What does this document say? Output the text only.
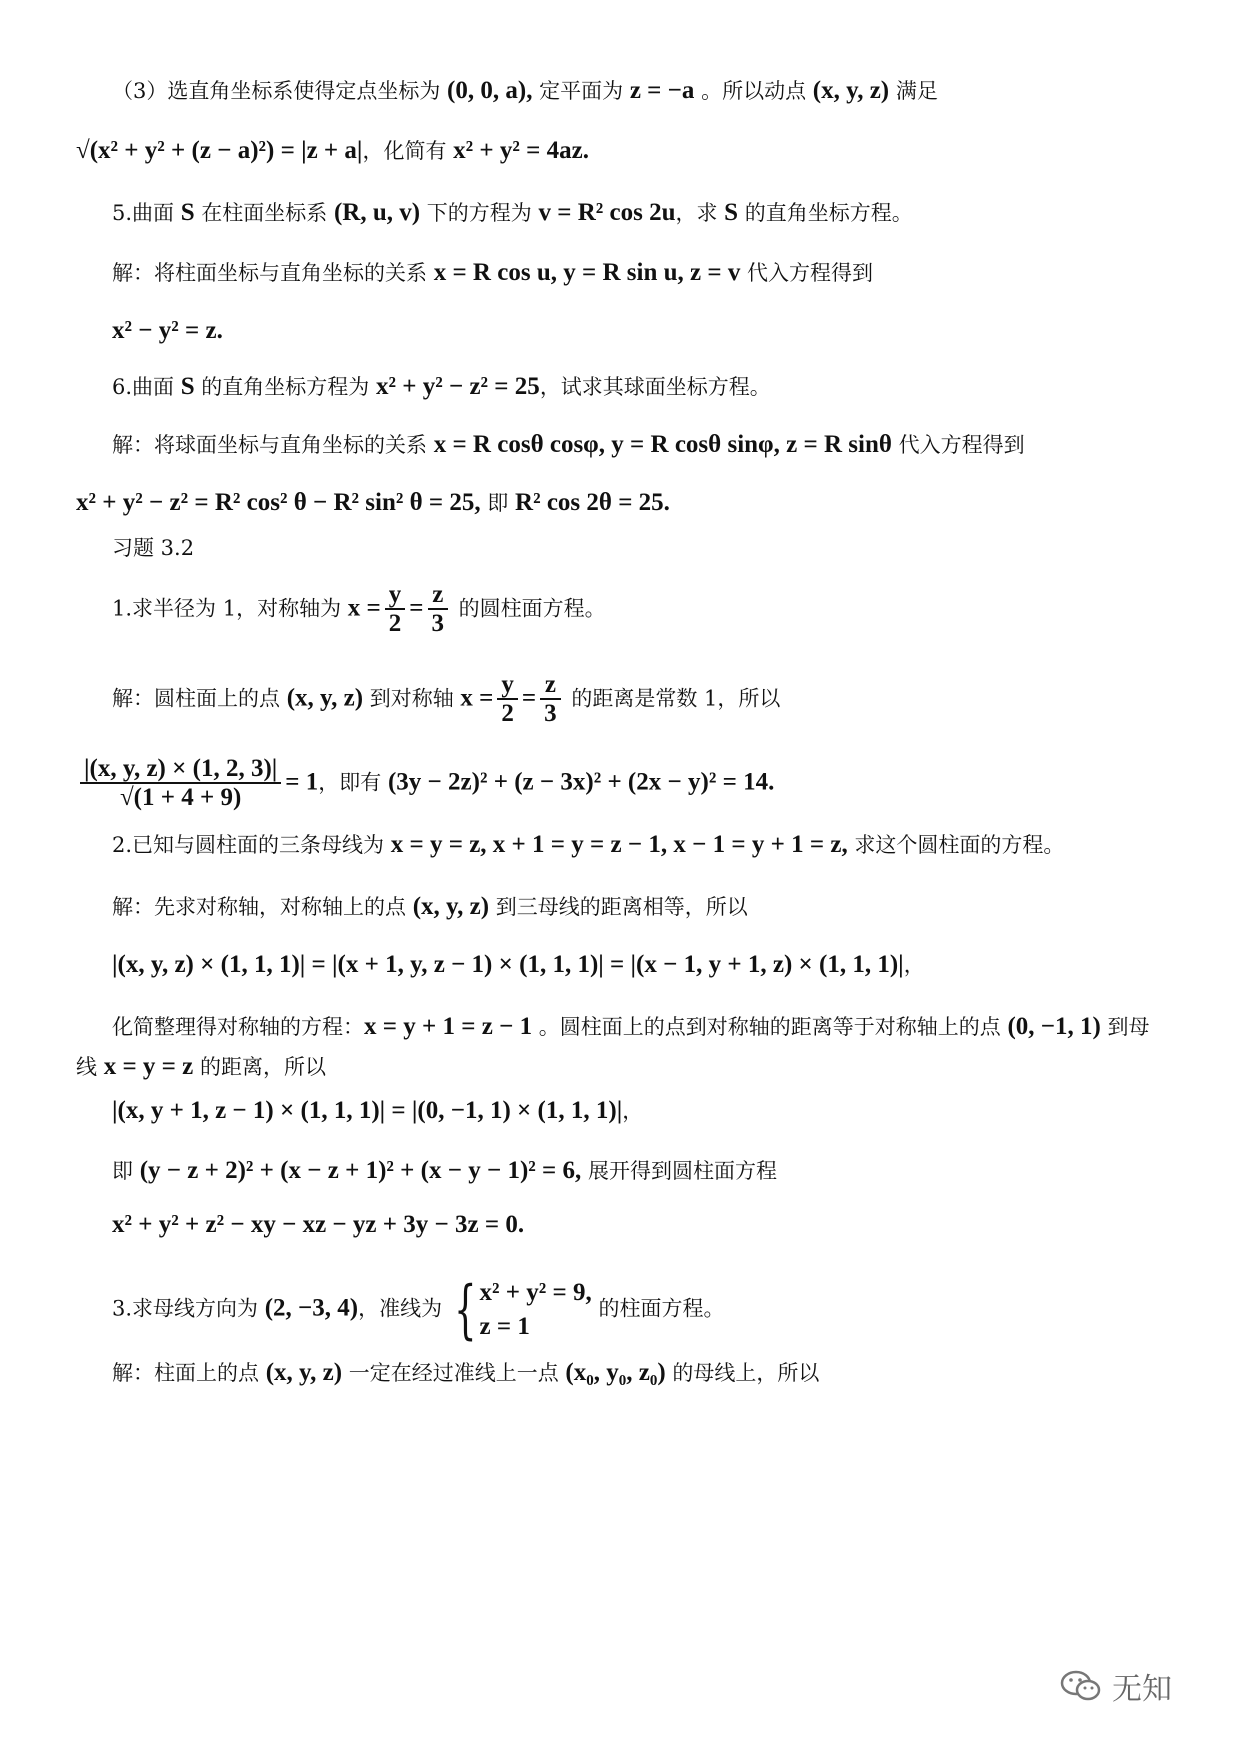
（3）选直角坐标系使得定点坐标为 (0, 0, a), 定平面为 z = −a 。所以动点 (x, y, z) 满足
√(x² + y² + (z − a)²) = |z + a|，化简有 x² + y² = 4az.
5.曲面 S 在柱面坐标系 (R, u, v) 下的方程为 v = R² cos 2u，求 S 的直角坐标方程。
解：将柱面坐标与直角坐标的关系 x = R cos u, y = R sin u, z = v 代入方程得到
x² − y² = z.
6.曲面 S 的直角坐标方程为 x² + y² − z² = 25，试求其球面坐标方程。
解：将球面坐标与直角坐标的关系 x = R cosθ cosφ, y = R cosθ sinφ, z = R sinθ 代入方程得到
x² + y² − z² = R² cos² θ − R² sin² θ = 25, 即 R² cos 2θ = 25.
习题 3.2
1.求半径为 1，对称轴为 $x = \frac{y}{2} = \frac{z}{3}$ 的圆柱面方程。
解：圆柱面上的点 (x, y, z) 到对称轴 $x = \frac{y}{2} = \frac{z}{3}$ 的距离是常数 1，所以
$\frac{|(x, y, z) \times (1, 2, 3)|}{√(1 + 4 + 9)} = 1$，即有 (3y − 2z)² + (z − 3x)² + (2x − y)² = 14.
2.已知与圆柱面的三条母线为 x = y = z, x + 1 = y = z − 1, x − 1 = y + 1 = z, 求这个圆柱面的方程。
解：先求对称轴，对称轴上的点 (x, y, z) 到三母线的距离相等，所以
|(x, y, z) × (1, 1, 1)| = |(x + 1, y, z − 1) × (1, 1, 1)| = |(x − 1, y + 1, z) × (1, 1, 1)|，
化简整理得对称轴的方程：x = y + 1 = z − 1 。圆柱面上的点到对称轴的距离等于对称轴上的点 (0, −1, 1) 到母
线 x = y = z 的距离，所以
|(x, y + 1, z − 1) × (1, 1, 1)| = |(0, −1, 1) × (1, 1, 1)|，
即 (y − z + 2)² + (x − z + 1)² + (x − y − 1)² = 6, 展开得到圆柱面方程
x² + y² + z² − xy − xz − yz + 3y − 3z = 0.
3.求母线方向为 (2, −3, 4)，准线为 { x² + y² = 9,
z = 1
的柱面方程。
解：柱面上的点 (x, y, z) 一定在经过准线上一点 (x₀, y₀, z₀) 的母线上，所以
无知
